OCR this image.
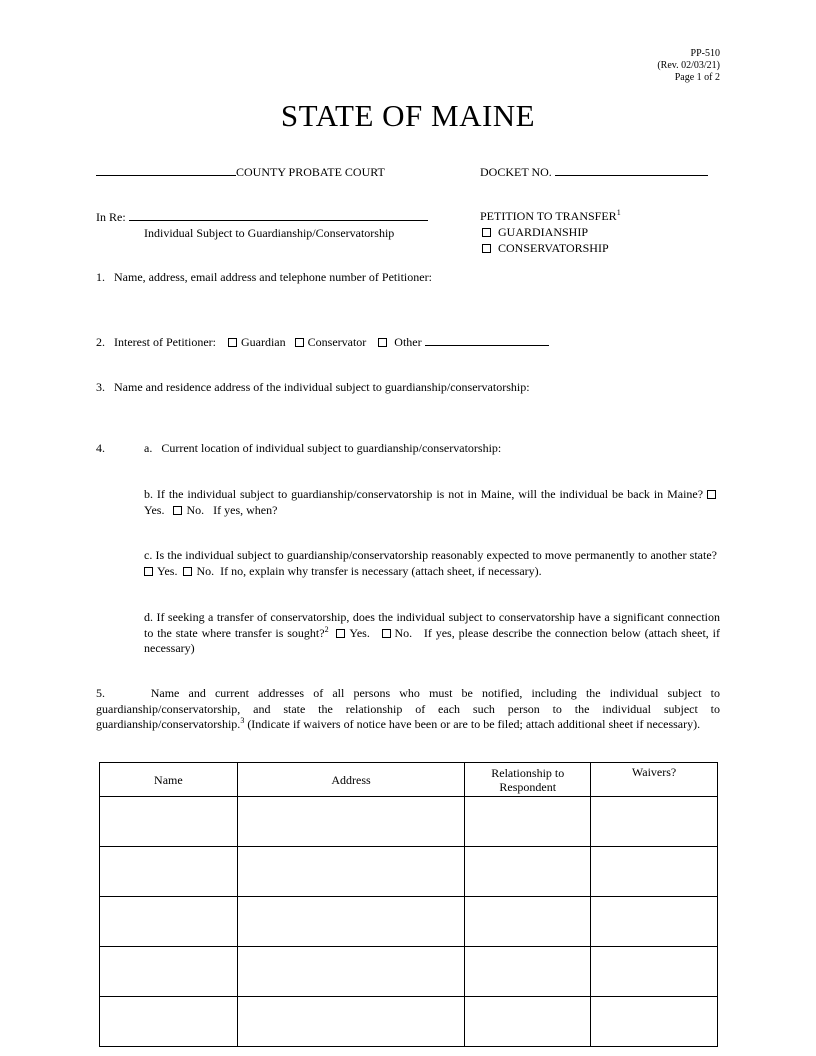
PP-510
(Rev. 02/03/21)
Page 1 of 2
STATE OF MAINE
COUNTY PROBATE COURT	DOCKET NO.
In Re:
Individual Subject to Guardianship/Conservatorship
PETITION TO TRANSFER$^1$
GUARDIANSHIP
CONSERVATORSHIP
1. Name, address, email address and telephone number of Petitioner:
2. Interest of Petitioner: Guardian Conservator Other
3. Name and residence address of the individual subject to guardianship/conservatorship:
4.	a.   Current location of individual subject to guardianship/conservatorship:
b. If the individual subject to guardianship/conservatorship is not in Maine, will the individual be back in Maine? Yes. No. If yes, when?
c. Is the individual subject to guardianship/conservatorship reasonably expected to move permanently to another state?  Yes. No. If no, explain why transfer is necessary (attach sheet, if necessary).
d. If seeking a transfer of conservatorship, does the individual subject to conservatorship have a significant connection to the state where transfer is sought?$^2$ Yes. No. If yes, please describe the connection below (attach sheet, if necessary)
5.	Name and current addresses of all persons who must be notified, including the individual subject to guardianship/conservatorship, and state the relationship of each such person to the individual subject to guardianship/conservatorship.$^3$ (Indicate if waivers of notice have been or are to be filed; attach additional sheet if necessary).
Name	Address	Relationship to Respondent	Waivers?
